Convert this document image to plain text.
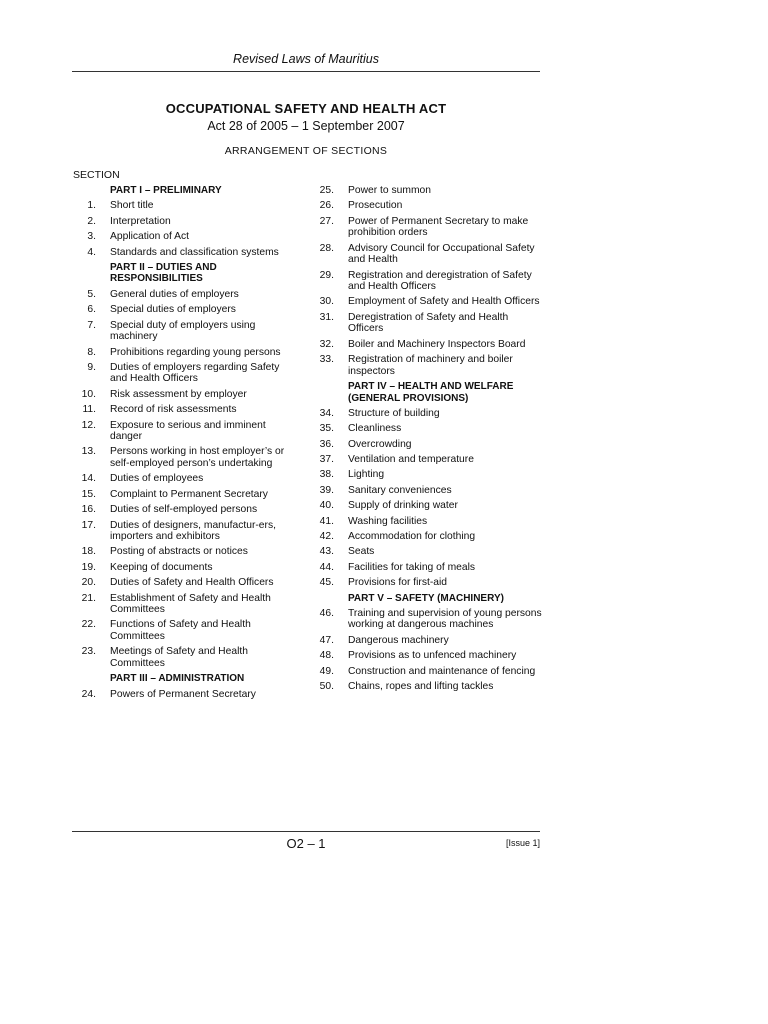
Revised Laws of Mauritius
OCCUPATIONAL SAFETY AND HEALTH ACT
Act 28 of 2005 – 1 September 2007
ARRANGEMENT OF SECTIONS
SECTION
PART I – PRELIMINARY
1. Short title
2. Interpretation
3. Application of Act
4. Standards and classification systems
PART II – DUTIES AND RESPONSIBILITIES
5. General duties of employers
6. Special duties of employers
7. Special duty of employers using machinery
8. Prohibitions regarding young persons
9. Duties of employers regarding Safety and Health Officers
10. Risk assessment by employer
11. Record of risk assessments
12. Exposure to serious and imminent danger
13. Persons working in host employer’s or self-employed person’s undertaking
14. Duties of employees
15. Complaint to Permanent Secretary
16. Duties of self-employed persons
17. Duties of designers, manufactur-ers, importers and exhibitors
18. Posting of abstracts or notices
19. Keeping of documents
20. Duties of Safety and Health Officers
21. Establishment of Safety and Health Committees
22. Functions of Safety and Health Committees
23. Meetings of Safety and Health Committees
PART III – ADMINISTRATION
24. Powers of Permanent Secretary
25. Power to summon
26. Prosecution
27. Power of Permanent Secretary to make prohibition orders
28. Advisory Council for Occupational Safety and Health
29. Registration and deregistration of Safety and Health Officers
30. Employment of Safety and Health Officers
31. Deregistration of Safety and Health Officers
32. Boiler and Machinery Inspectors Board
33. Registration of machinery and boiler inspectors
PART IV – HEALTH AND WELFARE (GENERAL PROVISIONS)
34. Structure of building
35. Cleanliness
36. Overcrowding
37. Ventilation and temperature
38. Lighting
39. Sanitary conveniences
40. Supply of drinking water
41. Washing facilities
42. Accommodation for clothing
43. Seats
44. Facilities for taking of meals
45. Provisions for first-aid
PART V – SAFETY (MACHINERY)
46. Training and supervision of young persons working at dangerous machines
47. Dangerous machinery
48. Provisions as to unfenced machinery
49. Construction and maintenance of fencing
50. Chains, ropes and lifting tackles
O2 – 1	[Issue 1]
